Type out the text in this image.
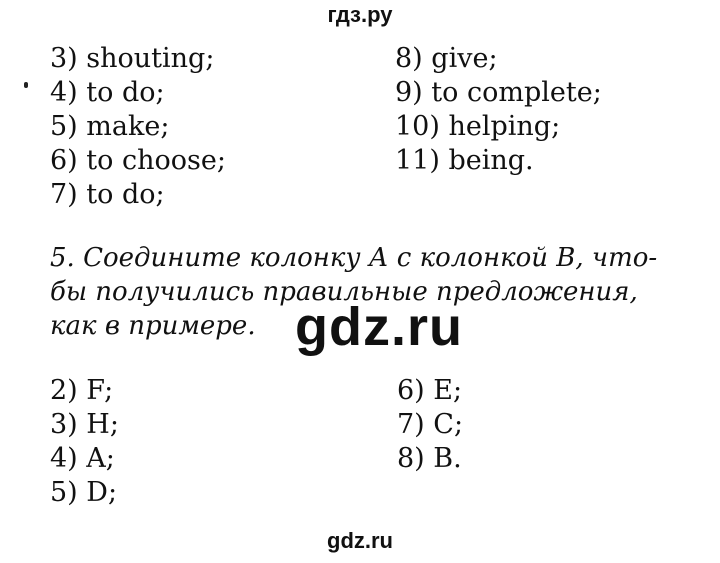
гдз.ру
3) shouting;
4) to do;
5) make;
6) to choose;
7) to do;
8) give;
9) to complete;
10) helping;
11) being.
5. Соедините колонку А с колонкой В, что-
бы получились правильные предложения,
как в примере. gdz.ru
2) F;
3) H;
4) A;
5) D;
6) E;
7) C;
8) B.
gdz.ru
